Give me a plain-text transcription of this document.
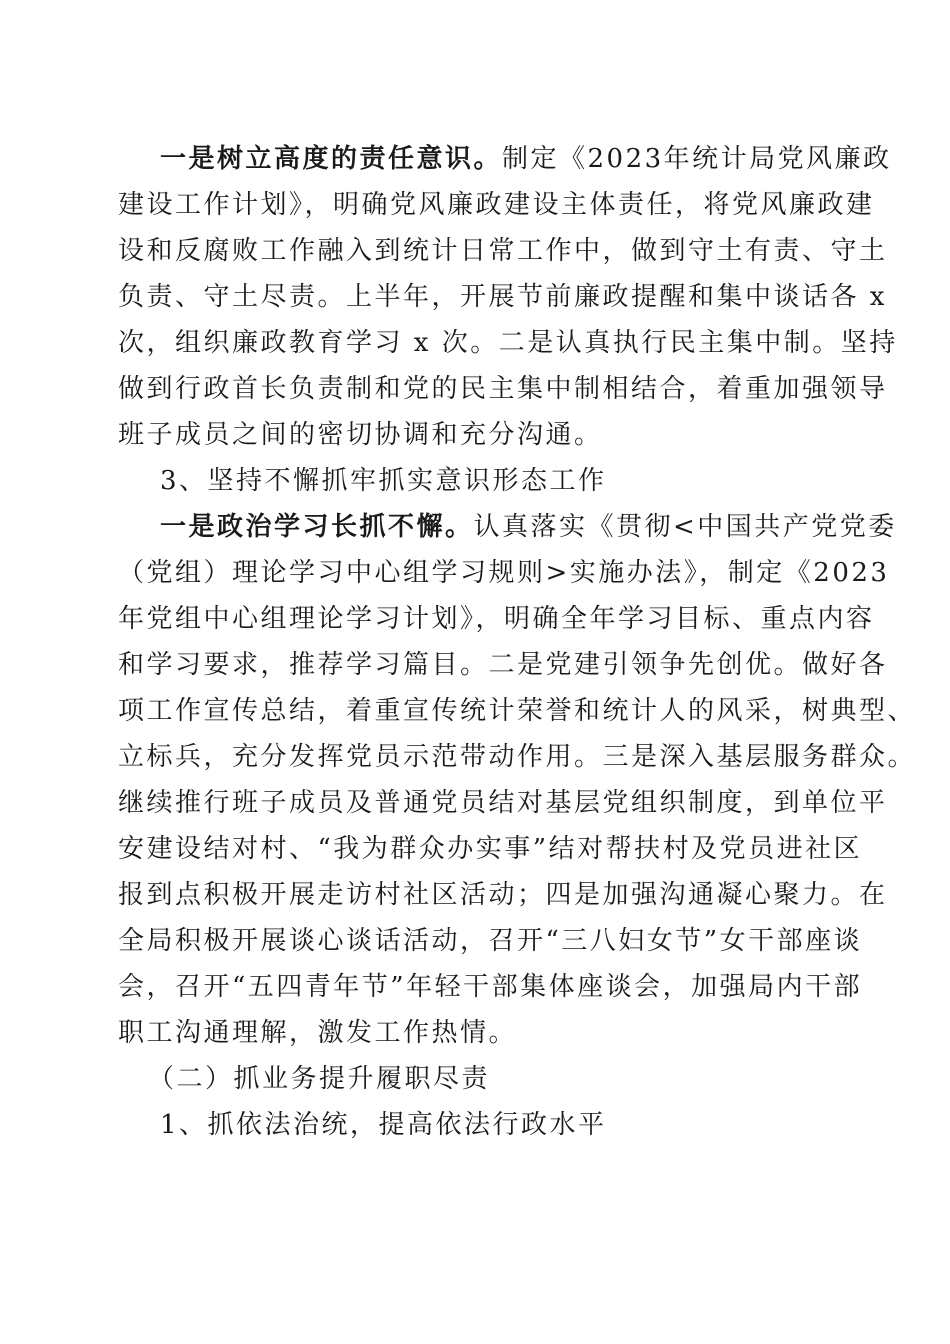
一是树立高度的责任意识。制定《2023年统计局党风廉政
建设工作计划》，明确党风廉政建设主体责任，将党风廉政建
设和反腐败工作融入到统计日常工作中，做到守土有责、守土
负责、守土尽责。上半年，开展节前廉政提醒和集中谈话各 x
次，组织廉政教育学习 x 次。二是认真执行民主集中制。坚持
做到行政首长负责制和党的民主集中制相结合，着重加强领导
班子成员之间的密切协调和充分沟通。
3、坚持不懈抓牢抓实意识形态工作
一是政治学习长抓不懈。认真落实《贯彻<中国共产党党委
（党组）理论学习中心组学习规则>实施办法》，制定《2023
年党组中心组理论学习计划》，明确全年学习目标、重点内容
和学习要求，推荐学习篇目。二是党建引领争先创优。做好各
项工作宣传总结，着重宣传统计荣誉和统计人的风采，树典型、
立标兵，充分发挥党员示范带动作用。三是深入基层服务群众。
继续推行班子成员及普通党员结对基层党组织制度，到单位平
安建设结对村、“我为群众办实事”结对帮扶村及党员进社区
报到点积极开展走访村社区活动；四是加强沟通凝心聚力。在
全局积极开展谈心谈话活动，召开“三八妇女节”女干部座谈
会，召开“五四青年节”年轻干部集体座谈会，加强局内干部
职工沟通理解，激发工作热情。
（二）抓业务提升履职尽责
1、抓依法治统，提高依法行政水平
